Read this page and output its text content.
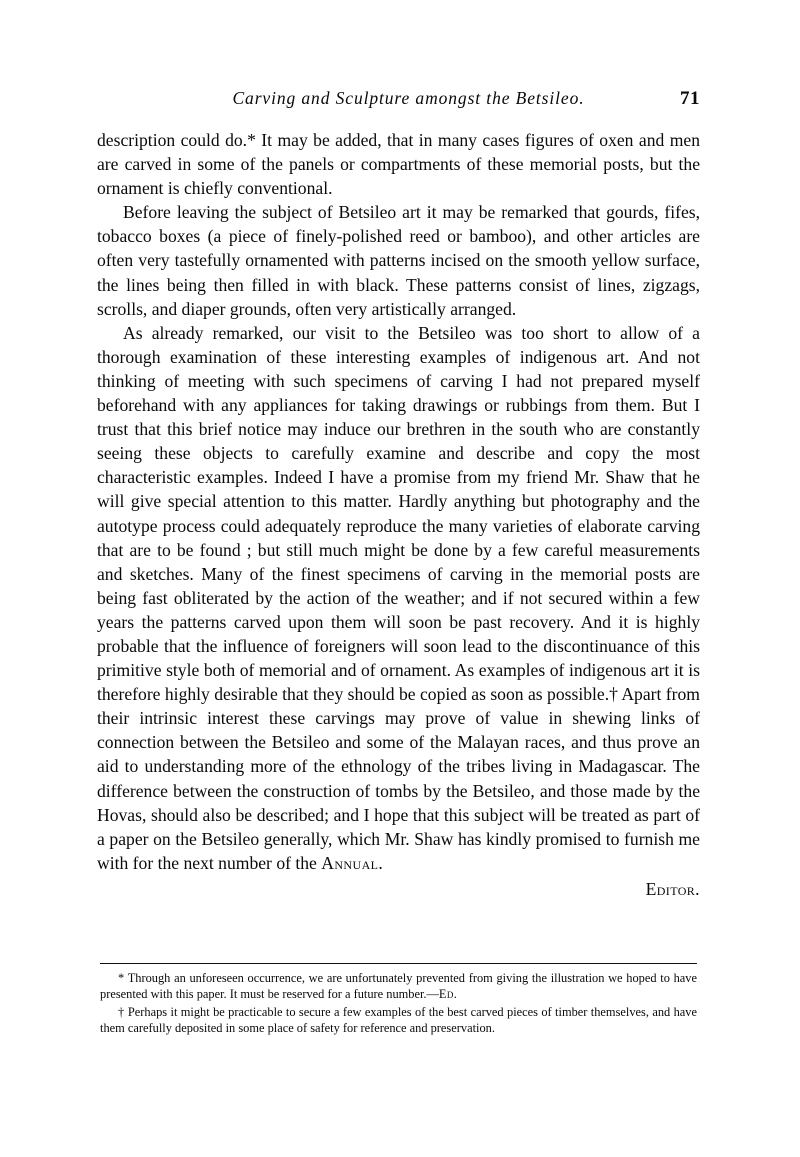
Carving and Sculpture amongst the Betsileo.	71

description could do.* It may be added, that in many cases figures of oxen and men are carved in some of the panels or compartments of these memorial posts, but the ornament is chiefly conventional.

Before leaving the subject of Betsileo art it may be remarked that gourds, fifes, tobacco boxes (a piece of finely-polished reed or bamboo), and other articles are often very tastefully ornamented with patterns incised on the smooth yellow surface, the lines being then filled in with black. These patterns consist of lines, zigzags, scrolls, and diaper grounds, often very artistically arranged.

As already remarked, our visit to the Betsileo was too short to allow of a thorough examination of these interesting examples of indigenous art. And not thinking of meeting with such specimens of carving I had not prepared myself beforehand with any appliances for taking drawings or rubbings from them. But I trust that this brief notice may induce our brethren in the south who are constantly seeing these objects to carefully examine and describe and copy the most characteristic examples. Indeed I have a promise from my friend Mr. Shaw that he will give special attention to this matter. Hardly anything but photography and the autotype process could adequately reproduce the many varieties of elaborate carving that are to be found ; but still much might be done by a few careful measurements and sketches. Many of the finest specimens of carving in the memorial posts are being fast obliterated by the action of the weather; and if not secured within a few years the patterns carved upon them will soon be past recovery. And it is highly probable that the influence of foreigners will soon lead to the discontinuance of this primitive style both of memorial and of ornament. As examples of indigenous art it is therefore highly desirable that they should be copied as soon as possible.† Apart from their intrinsic interest these carvings may prove of value in shewing links of connection between the Betsileo and some of the Malayan races, and thus prove an aid to understanding more of the ethnology of the tribes living in Madagascar. The difference between the construction of tombs by the Betsileo, and those made by the Hovas, should also be described; and I hope that this subject will be treated as part of a paper on the Betsileo generally, which Mr. Shaw has kindly promised to furnish me with for the next number of the Annual.

Editor.

* Through an unforeseen occurrence, we are unfortunately prevented from giving the illustration we hoped to have presented with this paper. It must be reserved for a future number.—Ed.

† Perhaps it might be practicable to secure a few examples of the best carved pieces of timber themselves, and have them carefully deposited in some place of safety for reference and preservation.
